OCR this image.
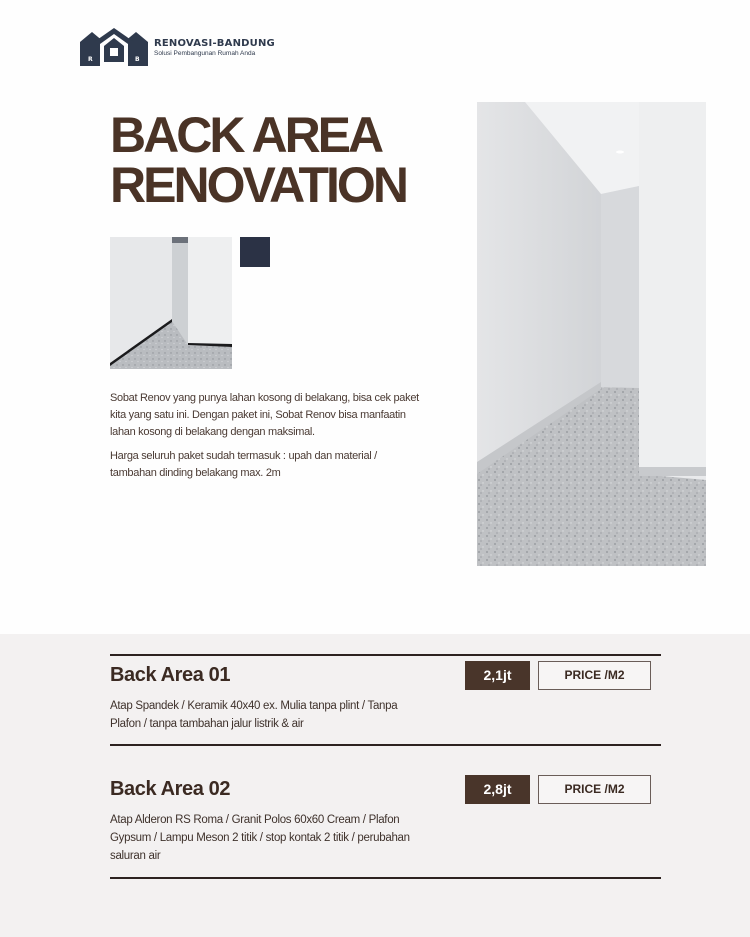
R	B
RENOVASI-BANDUNG
Solusi Pembangunan Rumah Anda
BACK AREA
RENOVATION

Sobat Renov yang punya lahan kosong di belakang, bisa cek paket kita yang satu ini. Dengan paket ini, Sobat Renov bisa manfaatin lahan kosong di belakang dengan maksimal.

Harga seluruh paket sudah termasuk : upah dan material / tambahan dinding belakang max. 2m

Back Area 01	2,1jt	PRICE /M2
Atap Spandek / Keramik 40x40 ex. Mulia tanpa plint / Tanpa Plafon / tanpa tambahan jalur listrik & air
Back Area 02	2,8jt	PRICE /M2
Atap Alderon RS Roma / Granit Polos 60x60 Cream / Plafon Gypsum / Lampu Meson 2 titik / stop kontak 2 titik / perubahan saluran air
